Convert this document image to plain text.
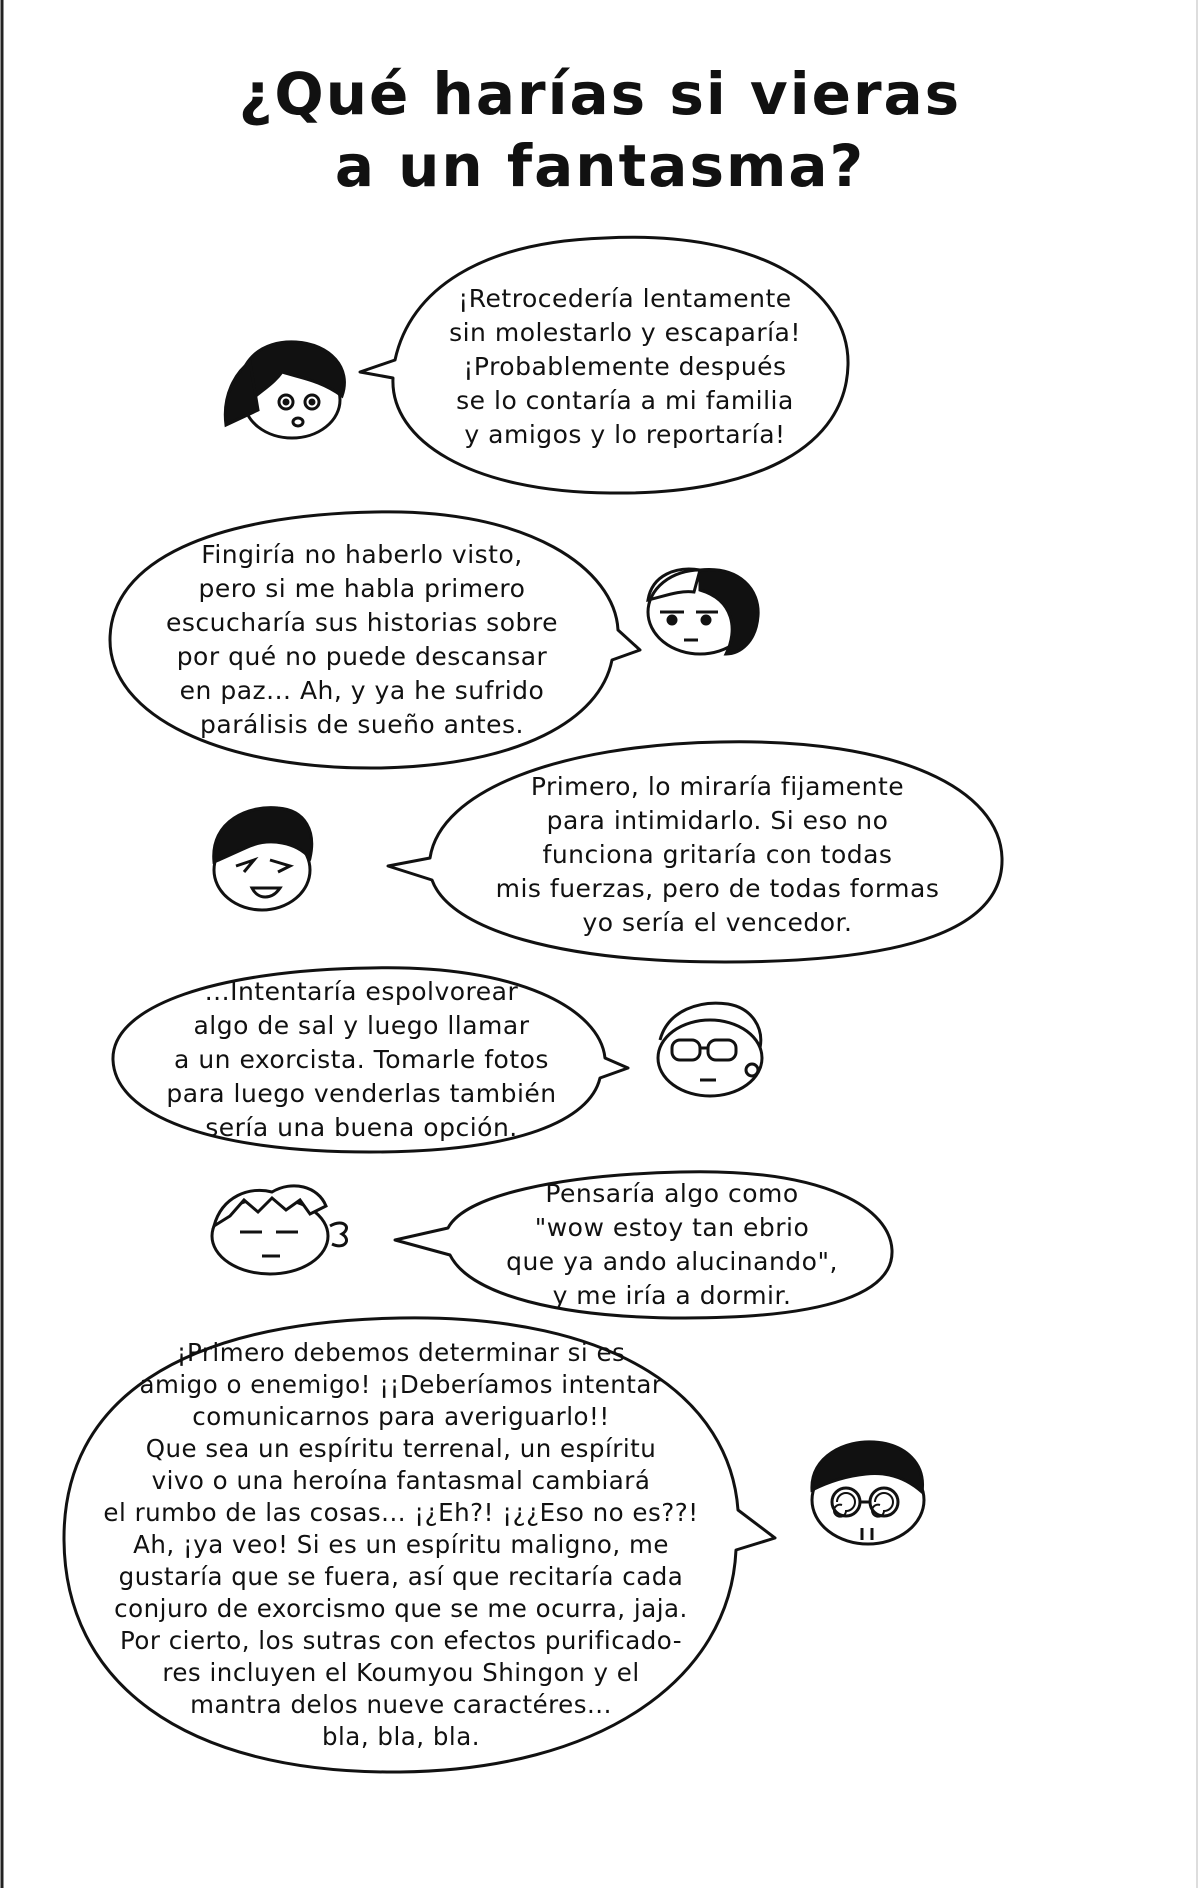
¿Qué harías si vieras
a un fantasma?
¡Retrocedería lentamente
sin molestarlo y escaparía!
¡Probablemente después
se lo contaría a mi familia
y amigos y lo reportaría!
Fingiría no haberlo visto,
pero si me habla primero
escucharía sus historias sobre
por qué no puede descansar
en paz... Ah, y ya he sufrido
parálisis de sueño antes.
Primero, lo miraría fijamente
para intimidarlo. Si eso no
funciona gritaría con todas
mis fuerzas, pero de todas formas
yo sería el vencedor.
...Intentaría espolvorear
algo de sal y luego llamar
a un exorcista. Tomarle fotos
para luego venderlas también
sería una buena opción.
Pensaría algo como
"wow estoy tan ebrio
que ya ando alucinando",
y me iría a dormir.
¡Primero debemos determinar si es
amigo o enemigo! ¡¡Deberíamos intentar
comunicarnos para averiguarlo!!
Que sea un espíritu terrenal, un espíritu
vivo o una heroína fantasmal cambiará
el rumbo de las cosas... ¡¿Eh?! ¡¿¿Eso no es??!
Ah, ¡ya veo! Si es un espíritu maligno, me
gustaría que se fuera, así que recitaría cada
conjuro de exorcismo que se me ocurra, jaja.
Por cierto, los sutras con efectos purificado-
res incluyen el Koumyou Shingon y el
mantra delos nueve caractéres...
bla, bla, bla.
